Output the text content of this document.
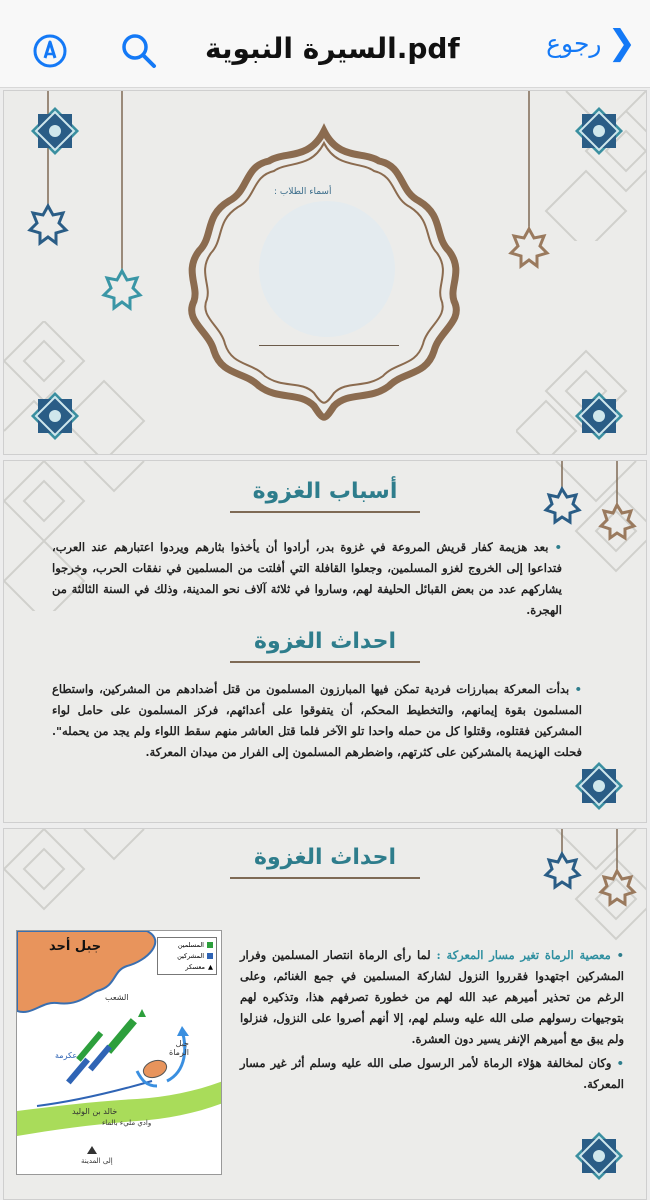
رجوع ❯
السيرة النبوية.pdf
أسماء الطلاب :
أسباب الغزوة
• بعد هزيمة كفار قريش المروعة في غزوة بدر، أرادوا أن يأخذوا بثارهم ويردوا اعتبارهم عند العرب، فتداعوا إلى الخروج لغزو المسلمين، وجعلوا القافلة التي أفلتت من المسلمين في نفقات الحرب، وخرجوا يشاركهم عدد من بعض القبائل الحليفة لهم، وساروا في ثلاثة آلاف نحو المدينة، وذلك في السنة الثالثة من الهجرة.
احداث الغزوة
• بدأت المعركة بمبارزات فردية تمكن فيها المبارزون المسلمون من قتل أضدادهم من المشركين، واستطاع المسلمون بقوة إيمانهم، والتخطيط المحكم، أن يتفوقوا على أعدائهم، فركز المسلمون على حامل لواء المشركين فقتلوه، وقتلوا كل من حمله واحدا تلو الآخر فلما قتل العاشر منهم سقط اللواء ولم يجد من يحمله". فحلت الهزيمة بالمشركين على كثرتهم، واضطرهم المسلمون إلى الفرار من ميدان المعركة.
احداث الغزوة
• معصية الرماة تغير مسار المعركة : لما رأى الرماة انتصار المسلمين وفرار المشركين اجتهدوا فقرروا النزول لشاركة المسلمين في جمع الغنائم، وعلى الرغم من تحذير أميرهم عبد الله لهم من خطورة تصرفهم هذا، وتذكيره لهم بتوجيهات رسولهم صلى الله عليه وسلم لهم، إلا أنهم أصروا على النزول، فنزلوا ولم يبق مع أميرهم الإنفر يسير دون العشرة.
• وكان لمخالفة هؤلاء الرماة لأمر الرسول صلى الله عليه وسلم أثر غير مسار المعركة.
جبل أحد	المسلمين
المشركين
▲معسكر
الشعب
جبل الرماة
عكرمة
خالد بن الوليد
وادي مليء بالماء
إلى المدينة
